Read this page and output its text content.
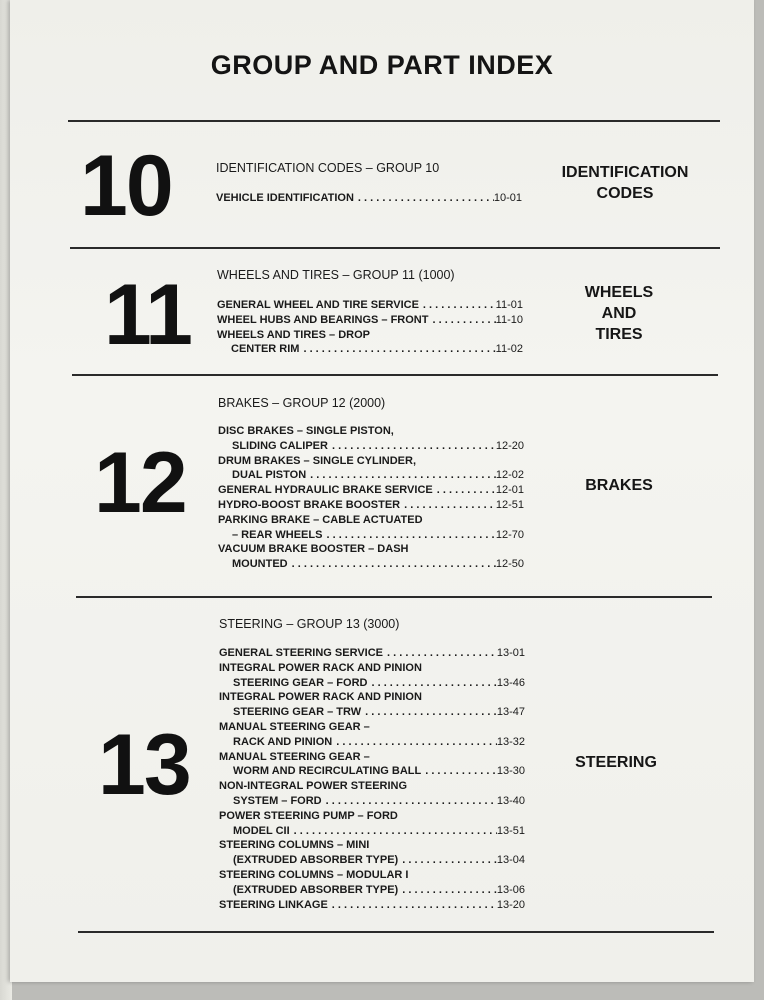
GROUP AND PART INDEX
10	IDENTIFICATION CODES – GROUP 10
VEHICLE IDENTIFICATION . . .	10-01
IDENTIFICATION
CODES
11 WHEELS AND TIRES – GROUP 11 (1000)
GENERAL WHEEL AND TIRE SERVICE . . .	11-01
WHEEL HUBS AND BEARINGS – FRONT . . .	11-10
WHEELS AND TIRES – DROP
CENTER RIM . . .	11-02
WHEELS
AND
TIRES
12
BRAKES – GROUP 12 (2000)
DISC BRAKES – SINGLE PISTON,
SLIDING CALIPER . . .	12-20
DRUM BRAKES – SINGLE CYLINDER,
DUAL PISTON . . .	12-02
GENERAL HYDRAULIC BRAKE SERVICE . . .	12-01
HYDRO-BOOST BRAKE BOOSTER . . .	12-51
PARKING BRAKE – CABLE ACTUATED
– REAR WHEELS . . .	12-70
VACUUM BRAKE BOOSTER – DASH
MOUNTED . . .	12-50
BRAKES
13
STEERING – GROUP 13 (3000)
GENERAL STEERING SERVICE . . .	13-01
INTEGRAL POWER RACK AND PINION
STEERING GEAR – FORD . . .	13-46
INTEGRAL POWER RACK AND PINION
STEERING GEAR – TRW . . .	13-47
MANUAL STEERING GEAR –
RACK AND PINION . . .	13-32
MANUAL STEERING GEAR –
WORM AND RECIRCULATING BALL . . .	13-30
NON-INTEGRAL POWER STEERING
SYSTEM – FORD . . .	13-40
POWER STEERING PUMP – FORD
MODEL CII . . .	13-51
STEERING COLUMNS – MINI
(EXTRUDED ABSORBER TYPE) . . .	13-04
STEERING COLUMNS – MODULAR I
(EXTRUDED ABSORBER TYPE) . . .	13-06
STEERING LINKAGE . . .	13-20
STEERING
